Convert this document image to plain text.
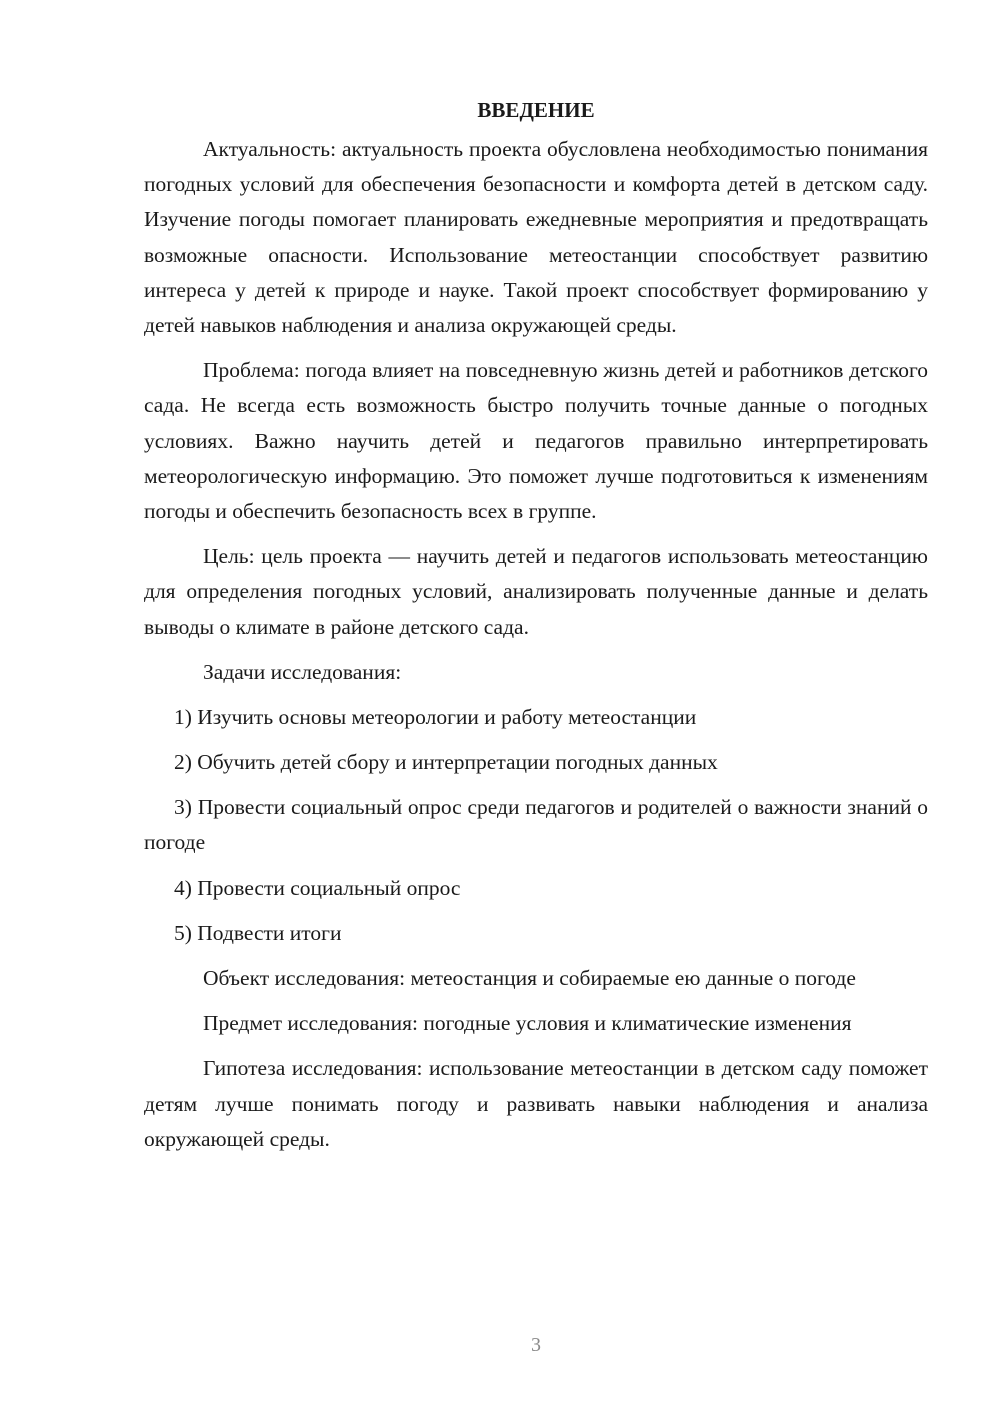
ВВЕДЕНИЕ

Актуальность: актуальность проекта обусловлена необходимостью понимания погодных условий для обеспечения безопасности и комфорта детей в детском саду. Изучение погоды помогает планировать ежедневные мероприятия и предотвращать возможные опасности. Использование метеостанции способствует развитию интереса у детей к природе и науке. Такой проект способствует формированию у детей навыков наблюдения и анализа окружающей среды.

Проблема: погода влияет на повседневную жизнь детей и работников детского сада. Не всегда есть возможность быстро получить точные данные о погодных условиях. Важно научить детей и педагогов правильно интерпретировать метеорологическую информацию. Это поможет лучше подготовиться к изменениям погоды и обеспечить безопасность всех в группе.

Цель: цель проекта — научить детей и педагогов использовать метеостанцию для определения погодных условий, анализировать полученные данные и делать выводы о климате в районе детского сада.

Задачи исследования:

1) Изучить основы метеорологии и работу метеостанции

2) Обучить детей сбору и интерпретации погодных данных

3) Провести социальный опрос среди педагогов и родителей о важности знаний о погоде

4) Провести социальный опрос

5) Подвести итоги

Объект исследования: метеостанция и собираемые ею данные о погоде

Предмет исследования: погодные условия и климатические изменения

Гипотеза исследования: использование метеостанции в детском саду поможет детям лучше понимать погоду и развивать навыки наблюдения и анализа окружающей среды.

3
